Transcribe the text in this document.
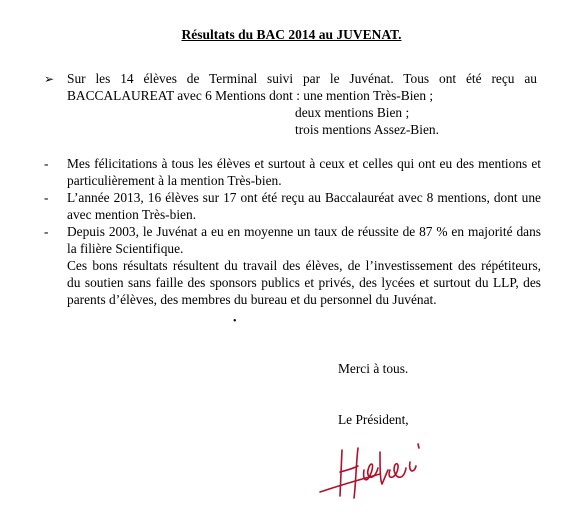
Résultats du BAC 2014 au JUVENAT.
➢ Sur les 14 élèves de Terminal suivi par le Juvénat. Tous ont été reçu au
BACCALAUREAT avec 6 Mentions dont : une mention Très-Bien ;
deux mentions Bien ;
trois mentions Assez-Bien.
- Mes félicitations à tous les élèves et surtout à ceux et celles qui ont eu des mentions et
particulièrement à la mention Très-bien.
- L’année 2013, 16 élèves sur 17 ont été reçu au Baccalauréat avec 8 mentions, dont une
avec mention Très-bien.
- Depuis 2003, le Juvénat a eu en moyenne un taux de réussite de 87 % en majorité dans
la filière Scientifique.
Ces bons résultats résultent du travail des élèves, de l’investissement des répétiteurs,
du soutien sans faille des sponsors publics et privés, des lycées et surtout du LLP, des
parents d’élèves, des membres du bureau et du personnel du Juvénat.
•
Merci à tous.
Le Président,
